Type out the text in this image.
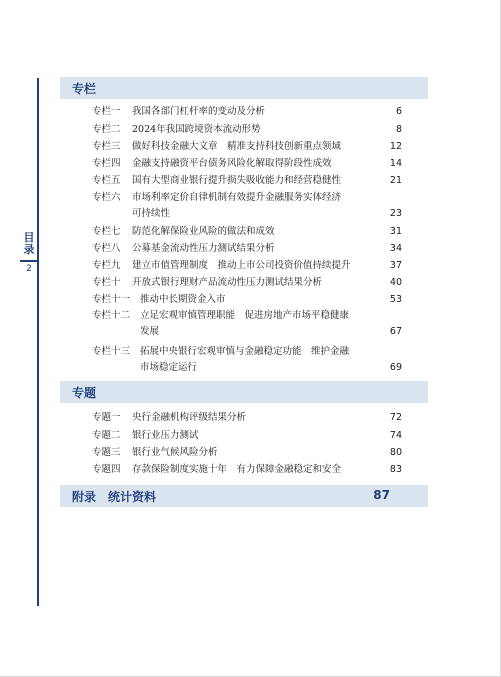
目录
2
专栏
专栏一	我国各部门杠杆率的变动及分析	6
专栏二	2024年我国跨境资本流动形势	8
专栏三	做好科技金融大文章　精准支持科技创新重点领域	12
专栏四	金融支持融资平台债务风险化解取得阶段性成效	14
专栏五	国有大型商业银行提升损失吸收能力和经营稳健性	21
专栏六	市场利率定价自律机制有效提升金融服务实体经济
可持续性	23
专栏七	防范化解保险业风险的做法和成效	31
专栏八	公募基金流动性压力测试结果分析	34
专栏九	建立市值管理制度　推动上市公司投资价值持续提升	37
专栏十	开放式银行理财产品流动性压力测试结果分析	40
专栏十一 推动中长期资金入市	53
专栏十二 立足宏观审慎管理职能　促进房地产市场平稳健康
发展	67
专栏十三 拓展中央银行宏观审慎与金融稳定功能　维护金融
市场稳定运行	69
专题
专题一	央行金融机构评级结果分析	72
专题二	银行业压力测试	74
专题三	银行业气候风险分析	80
专题四	存款保险制度实施十年　有力保障金融稳定和安全	83
附录　统计资料	87
